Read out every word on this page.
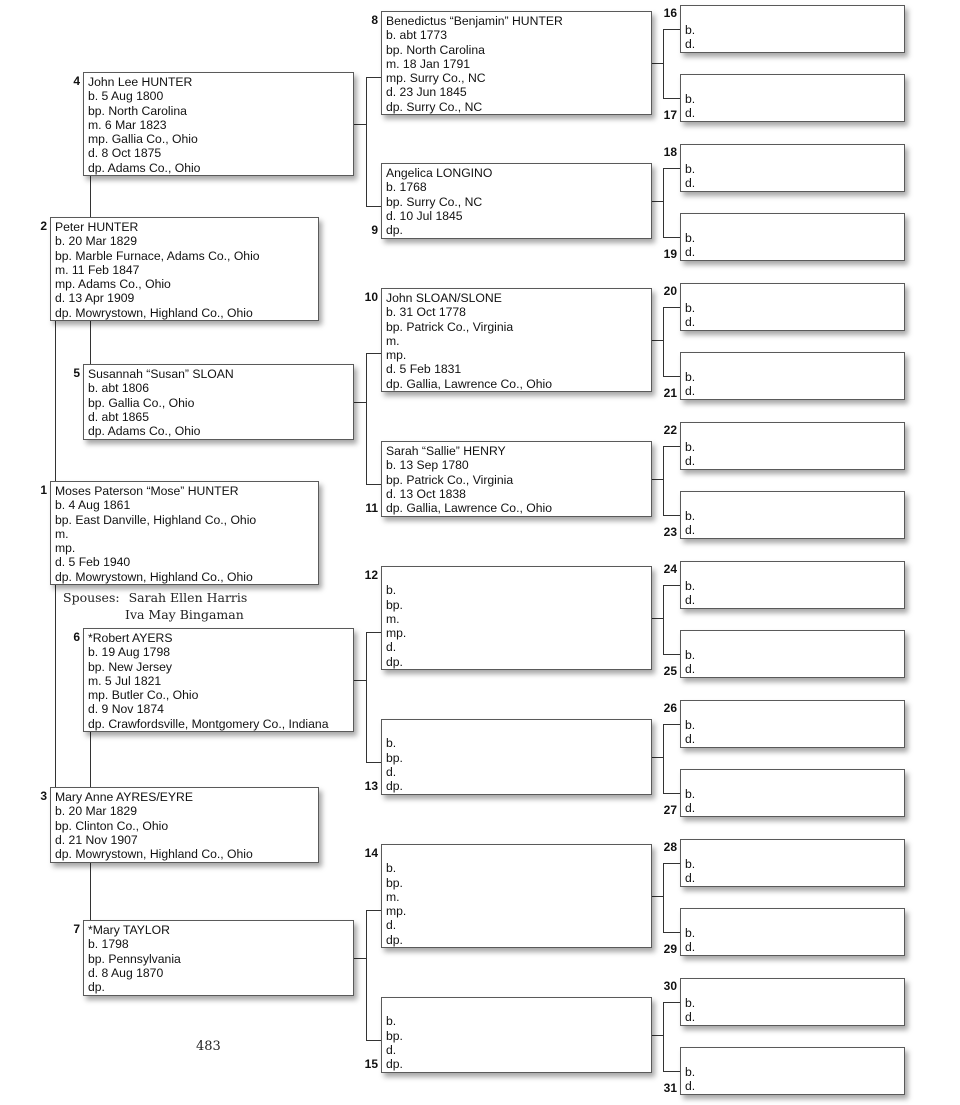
Moses Paterson “Mose” HUNTER
b. 4 Aug 1861
bp. East Danville, Highland Co., Ohio
m.
mp.
d. 5 Feb 1940
dp. Mowrystown, Highland Co., Ohio
1
Peter HUNTER
b. 20 Mar 1829
bp. Marble Furnace, Adams Co., Ohio
m. 11 Feb 1847
mp. Adams Co., Ohio
d. 13 Apr 1909
dp. Mowrystown, Highland Co., Ohio
2
Mary Anne AYRES/EYRE
b. 20 Mar 1829
bp. Clinton Co., Ohio
d. 21 Nov 1907
dp. Mowrystown, Highland Co., Ohio
3
John Lee HUNTER
b. 5 Aug 1800
bp. North Carolina
m. 6 Mar 1823
mp. Gallia Co., Ohio
d. 8 Oct 1875
dp. Adams Co., Ohio
4
Susannah “Susan” SLOAN
b. abt 1806
bp. Gallia Co., Ohio
d. abt 1865
dp. Adams Co., Ohio
5
*Robert AYERS
b. 19 Aug 1798
bp. New Jersey
m. 5 Jul 1821
mp. Butler Co., Ohio
d. 9 Nov 1874
dp. Crawfordsville, Montgomery Co., Indiana
6
*Mary TAYLOR
b. 1798
bp. Pennsylvania
d. 8 Aug 1870
dp.
7
Benedictus “Benjamin” HUNTER
b. abt 1773
bp. North Carolina
m. 18 Jan 1791
mp. Surry Co., NC
d. 23 Jun 1845
dp. Surry Co., NC
8
Angelica LONGINO
b. 1768
bp. Surry Co., NC
d. 10 Jul 1845
dp.
9
John SLOAN/SLONE
b. 31 Oct 1778
bp. Patrick Co., Virginia
m.
mp.
d. 5 Feb 1831
dp. Gallia, Lawrence Co., Ohio
10
Sarah “Sallie” HENRY
b. 13 Sep 1780
bp. Patrick Co., Virginia
d. 13 Oct 1838
dp. Gallia, Lawrence Co., Ohio
11

b.
bp.
m.
mp.
d.
dp.
12

b.
bp.
d.
dp.
13

b.
bp.
m.
mp.
d.
dp.
14

b.
bp.
d.
dp.
15
b.
d.
16
b.
d.
17
b.
d.
18
b.
d.
19
b.
d.
20
b.
d.
21
b.
d.
22
b.
d.
23
b.
d.
24
b.
d.
25
b.
d.
26
b.
d.
27
b.
d.
28
b.
d.
29
b.
d.
30
b.
d.
31
Spouses: Sarah Ellen Harris
Iva May Bingaman
483
